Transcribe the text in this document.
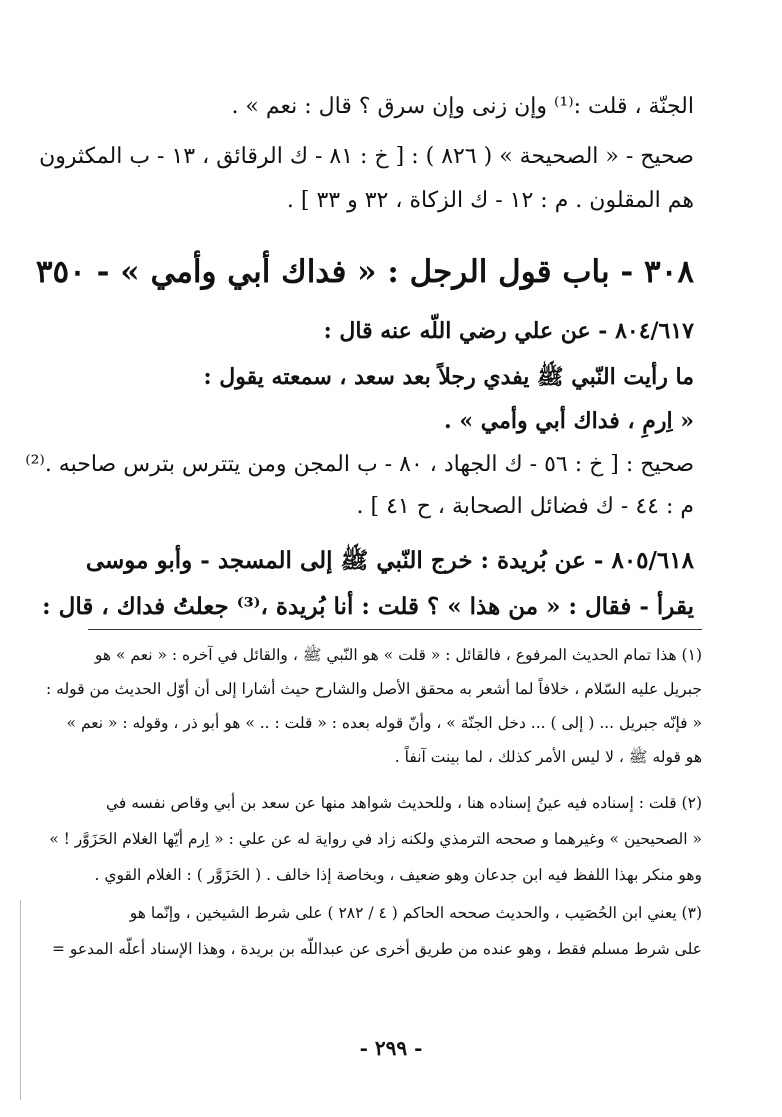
الجنّة ، قلت :⁽¹⁾ وإن زنى وإن سرق ؟ قال : نعم » .
صحيح - « الصحيحة » ( ٨٢٦ ) : [ خ : ٨١ - ك الرقائق ، ١٣ - ب المكثرون
هم المقلون . م : ١٢ - ك الزكاة ، ٣٢ و ٣٣ ] .
٣٠٨ - باب قول الرجل : « فداك أبي وأمي » - ٣٥٠
٨٠٤/٦١٧ - عن علي رضي اللّه عنه قال :
ما رأيت النّبي ﷺ يفدي رجلاً بعد سعد ، سمعته يقول :
« اِرمِ ، فداك أبي وأمي » .
صحيح : [ خ : ٥٦ - ك الجهاد ، ٨٠ - ب المجن ومن يتترس بترس صاحبه .⁽²⁾
م : ٤٤ - ك فضائل الصحابة ، ح ٤١ ] .
٨٠٥/٦١٨ - عن بُريدة : خرج النّبي ﷺ إلى المسجد - وأبو موسى
يقرأ - فقال : « من هذا » ؟ قلت : أنا بُريدة ،⁽³⁾ جعلتُ فداك ، قال :
(١) هذا تمام الحديث المرفوع ، فالقائل : « قلت » هو النّبي ﷺ ، والقائل في آخره : « نعم » هو
جبريل عليه السّلام ، خلافاً لما أشعر به محقق الأصل والشارح حيث أشارا إلى أن أوّل الحديث من قوله :
« فإنّه جبريل ... ( إلى ) ... دخل الجنّة » ، وأنّ قوله بعده : « قلت : .. » هو أبو ذر ، وقوله : « نعم »
هو قوله ﷺ ، لا ليس الأمر كذلك ، لما بينت آنفاً .
(٢) قلت : إسناده فيه عينُ إسناده هنا ، وللحديث شواهد منها عن سعد بن أبي وقاص نفسه في
« الصحيحين » وغيرهما و صححه الترمذي ولكنه زاد في رواية له عن علي : « اِرم أيّها الغلام الحَزَوَّر ! »
وهو منكر بهذا اللفظ فيه ابن جدعان وهو ضعيف ، وبخاصة إذا خالف . ( الحَزَوَّر ) : الغلام القوي .
(٣) يعني ابن الحُصَيب ، والحديث صححه الحاكم ( ٤ / ٢٨٢ ) على شرط الشيخين ، وإنّما هو
على شرط مسلم فقط ، وهو عنده من طريق أخرى عن عبداللّه بن بريدة ، وهذا الإسناد أعلّه المدعو =
- ٢٩٩ -
